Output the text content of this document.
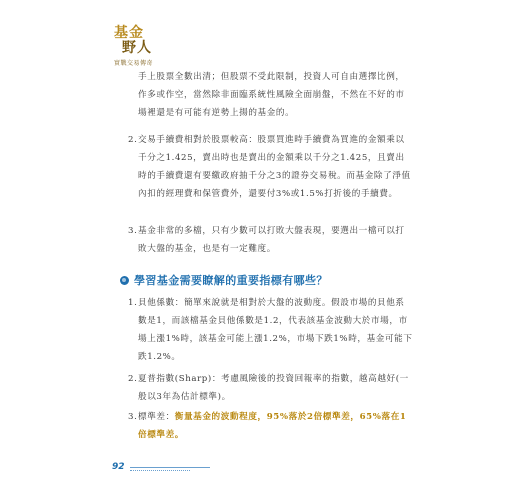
基金
野人
實戰交易傳奇
手上股票全數出清；但股票不受此限制，投資人可自由選擇比例，作多或作空，當然除非面臨系統性風險全面崩盤，不然在不好的市場裡還是有可能有逆勢上揚的基金的。
2. 交易手續費相對於股票較高：股票買進時手續費為買進的金額乘以千分之1.425，賣出時也是賣出的金額乘以千分之1.425，且賣出時的手續費還有要繳政府抽千分之3的證券交易稅。而基金除了淨值內扣的經理費和保管費外，還要付3%或1.5%打折後的手續費。
3. 基金非常的多檔，只有少數可以打敗大盤表現，要選出一檔可以打敗大盤的基金，也是有一定難度。
學習基金需要瞭解的重要指標有哪些？
1. 貝他係數：簡單來說就是相對於大盤的波動度。假設市場的貝他系數是1，而該檔基金貝他係數是1.2，代表該基金波動大於市場，市場上漲1%時，該基金可能上漲1.2%，市場下跌1%時，基金可能下跌1.2%。
2. 夏普指數(Sharp)：考慮風險後的投資回報率的指數，越高越好(一般以3年為估計標準)。
3. 標準差：衡量基金的波動程度，95%落於2倍標準差，65%落在1倍標準差。
92
